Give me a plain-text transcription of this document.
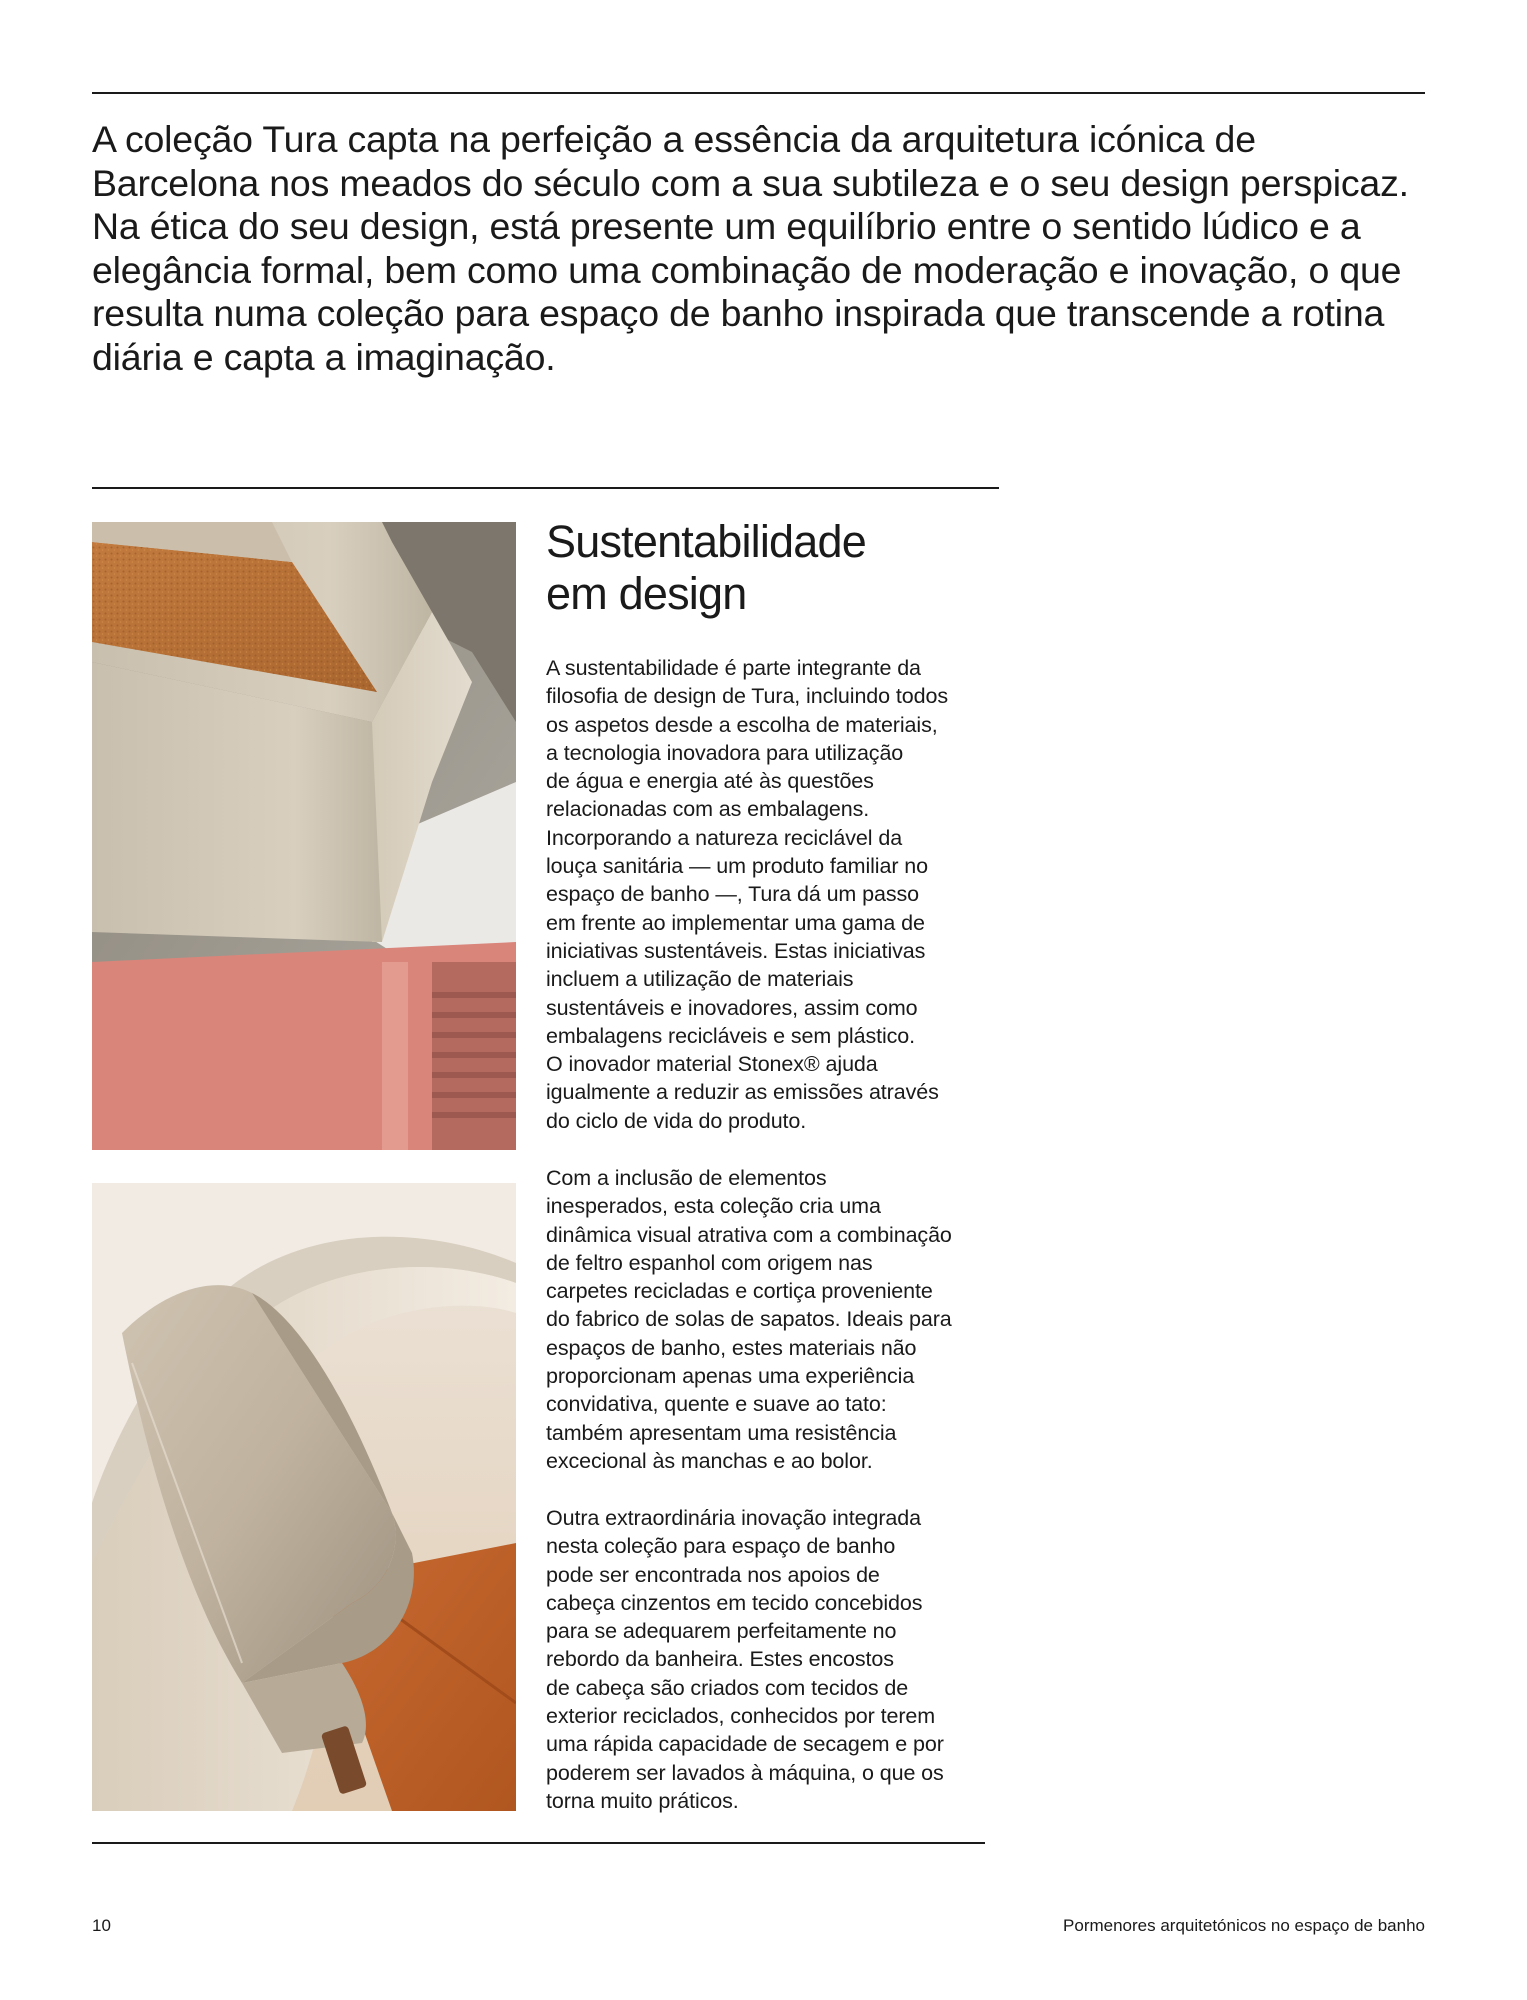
A coleção Tura capta na perfeição a essência da arquitetura icónica de Barcelona nos meados do século com a sua subtileza e o seu design perspicaz. Na ética do seu design, está presente um equilíbrio entre o sentido lúdico e a elegância formal, bem como uma combinação de moderação e inovação, o que resulta numa coleção para espaço de banho inspirada que transcende a rotina diária e capta a imaginação.

Sustentabilidade
em design

A sustentabilidade é parte integrante da
filosofia de design de Tura, incluindo todos
os aspetos desde a escolha de materiais,
a tecnologia inovadora para utilização
de água e energia até às questões
relacionadas com as embalagens.
Incorporando a natureza reciclável da
louça sanitária — um produto familiar no
espaço de banho —, Tura dá um passo
em frente ao implementar uma gama de
iniciativas sustentáveis. Estas iniciativas
incluem a utilização de materiais
sustentáveis e inovadores, assim como
embalagens recicláveis e sem plástico.
O inovador material Stonex® ajuda
igualmente a reduzir as emissões através
do ciclo de vida do produto.

Com a inclusão de elementos
inesperados, esta coleção cria uma
dinâmica visual atrativa com a combinação
de feltro espanhol com origem nas
carpetes recicladas e cortiça proveniente
do fabrico de solas de sapatos. Ideais para
espaços de banho, estes materiais não
proporcionam apenas uma experiência
convidativa, quente e suave ao tato:
também apresentam uma resistência
excecional às manchas e ao bolor.

Outra extraordinária inovação integrada
nesta coleção para espaço de banho
pode ser encontrada nos apoios de
cabeça cinzentos em tecido concebidos
para se adequarem perfeitamente no
rebordo da banheira. Estes encostos
de cabeça são criados com tecidos de
exterior reciclados, conhecidos por terem
uma rápida capacidade de secagem e por
poderem ser lavados à máquina, o que os
torna muito práticos.

10	Pormenores arquitetónicos no espaço de banho
